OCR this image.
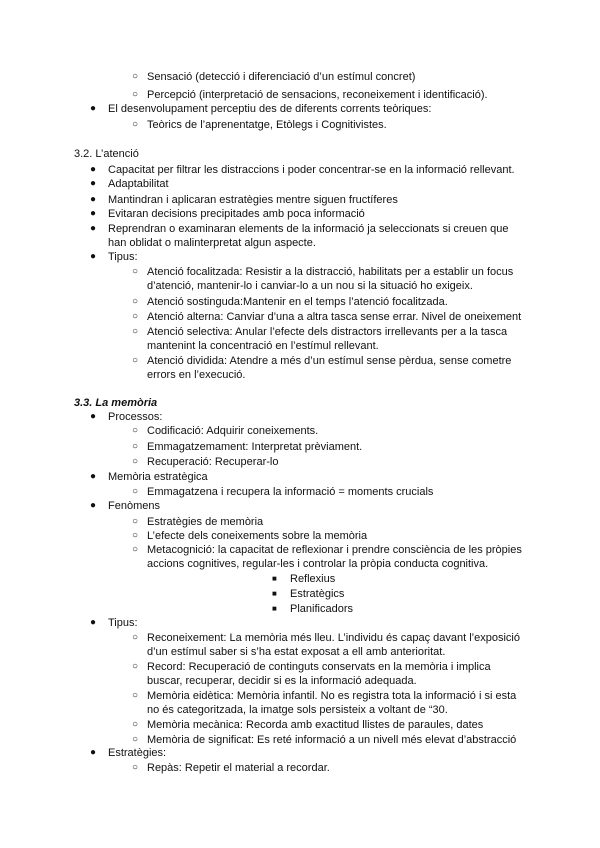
○ Sensació (detecció i diferenciació d’un estímul concret)
○ Percepció (interpretació de sensacions, reconeixement i identificació).
● El desenvolupament perceptiu des de diferents corrents teòriques:
○ Teòrics de l’aprenentatge, Etòlegs i Cognitivistes.
3.2. L’atenció
● Capacitat per filtrar les distraccions i poder concentrar-se en la informació rellevant.
● Adaptabilitat
● Mantindran i aplicaran estratègies mentre siguen fructíferes
● Evitaran decisions precipitades amb poca informació
● Reprendran o examinaran elements de la informació ja seleccionats si creuen que
han oblidat o malinterpretat algun aspecte.
● Tipus:
○ Atenció focalitzada: Resistir a la distracció, habilitats per a establir un focus
d’atenció, mantenir-lo i canviar-lo a un nou si la situació ho exigeix.
○ Atenció sostinguda:Mantenir en el temps l’atenció focalitzada.
○ Atenció alterna: Canviar d’una a altra tasca sense errar. Nivel de oneixement
○ Atenció selectiva: Anular l’efecte dels distractors irrellevants per a la tasca
mantenint la concentració en l’estímul rellevant.
○ Atenció dividida: Atendre a més d’un estímul sense pèrdua, sense cometre
errors en l’execució.
3.3. La memòria
● Processos:
○ Codificació: Adquirir coneixements.
○ Emmagatzemament: Interpretat prèviament.
○ Recuperació: Recuperar-lo
● Memòria estratègica
○ Emmagatzena i recupera la informació = moments crucials
● Fenòmens
○ Estratègies de memòria
○ L’efecte dels coneixements sobre la memòria
○ Metacognició: la capacitat de reflexionar i prendre consciència de les pròpies
accions cognitives, regular-les i controlar la pròpia conducta cognitiva.
■ Reflexius
■ Estratègics
■ Planificadors
● Tipus:
○ Reconeixement: La memòria més lleu. L’individu és capaç davant l’exposició
d’un estímul saber si s’ha estat exposat a ell amb anterioritat.
○ Record: Recuperació de continguts conservats en la memòria i implica
buscar, recuperar, decidir si es la informació adequada.
○ Memòria eidètica: Memòria infantil. No es registra tota la informació i si esta
no és categoritzada, la imatge sols persisteix a voltant de “30.
○ Memòria mecànica: Recorda amb exactitud llistes de paraules, dates
○ Memòria de significat: Es reté informació a un nivell més elevat d’abstracció
● Estratègies:
○ Repàs: Repetir el material a recordar.
